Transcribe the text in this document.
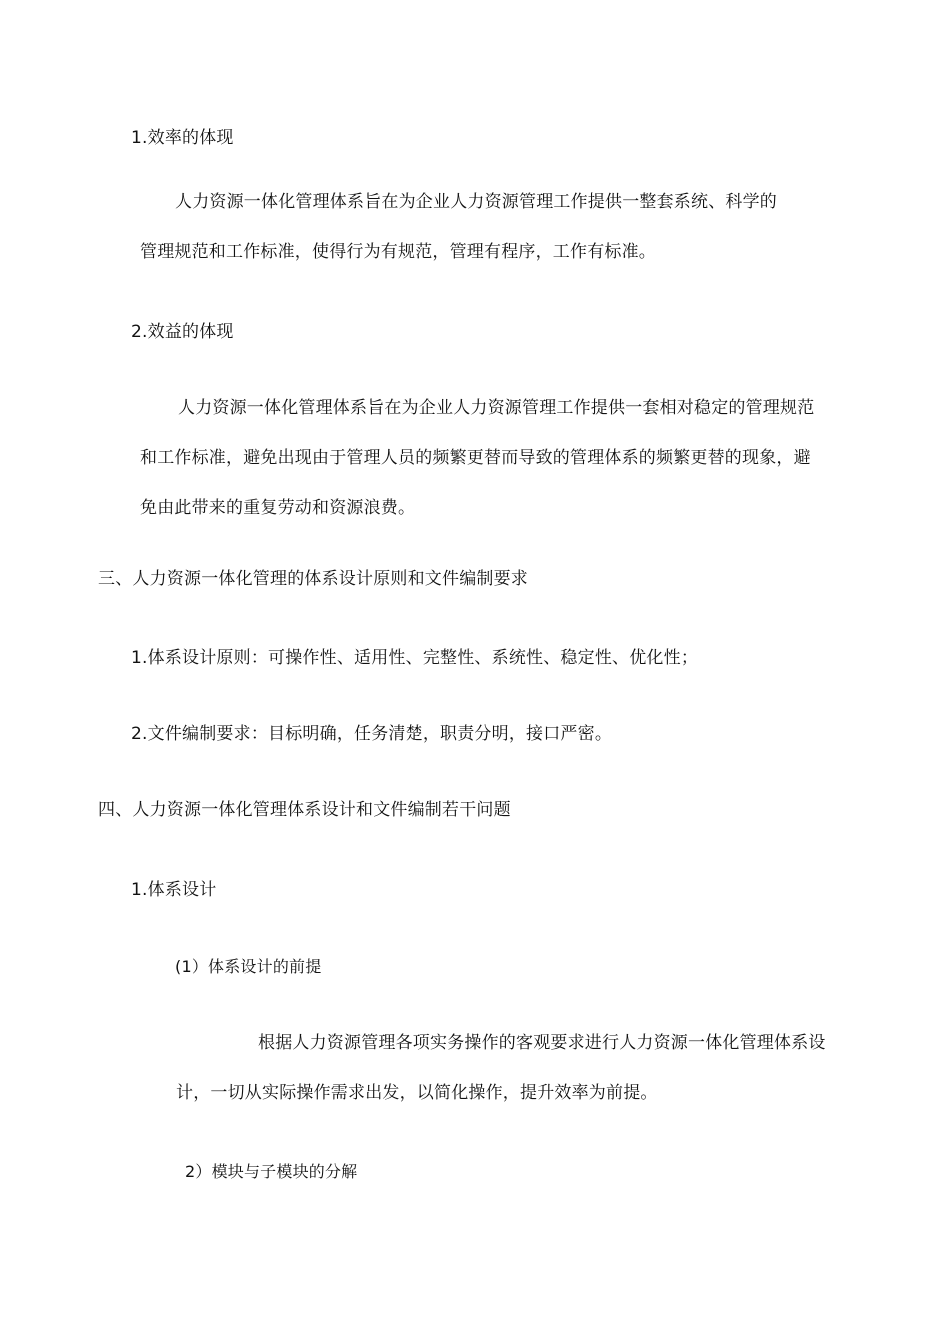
1.效率的体现
人力资源一体化管理体系旨在为企业人力资源管理工作提供一整套系统、科学的
管理规范和工作标准，使得行为有规范，管理有程序，工作有标准。
2.效益的体现
人力资源一体化管理体系旨在为企业人力资源管理工作提供一套相对稳定的管理规范
和工作标准，避免出现由于管理人员的频繁更替而导致的管理体系的频繁更替的现象，避
免由此带来的重复劳动和资源浪费。
三、人力资源一体化管理的体系设计原则和文件编制要求
1.体系设计原则：可操作性、适用性、完整性、系统性、稳定性、优化性；
2.文件编制要求：目标明确，任务清楚，职责分明，接口严密。
四、人力资源一体化管理体系设计和文件编制若干问题
1.体系设计
(1）体系设计的前提
根据人力资源管理各项实务操作的客观要求进行人力资源一体化管理体系设
计，一切从实际操作需求出发，以简化操作，提升效率为前提。
2）模块与子模块的分解
